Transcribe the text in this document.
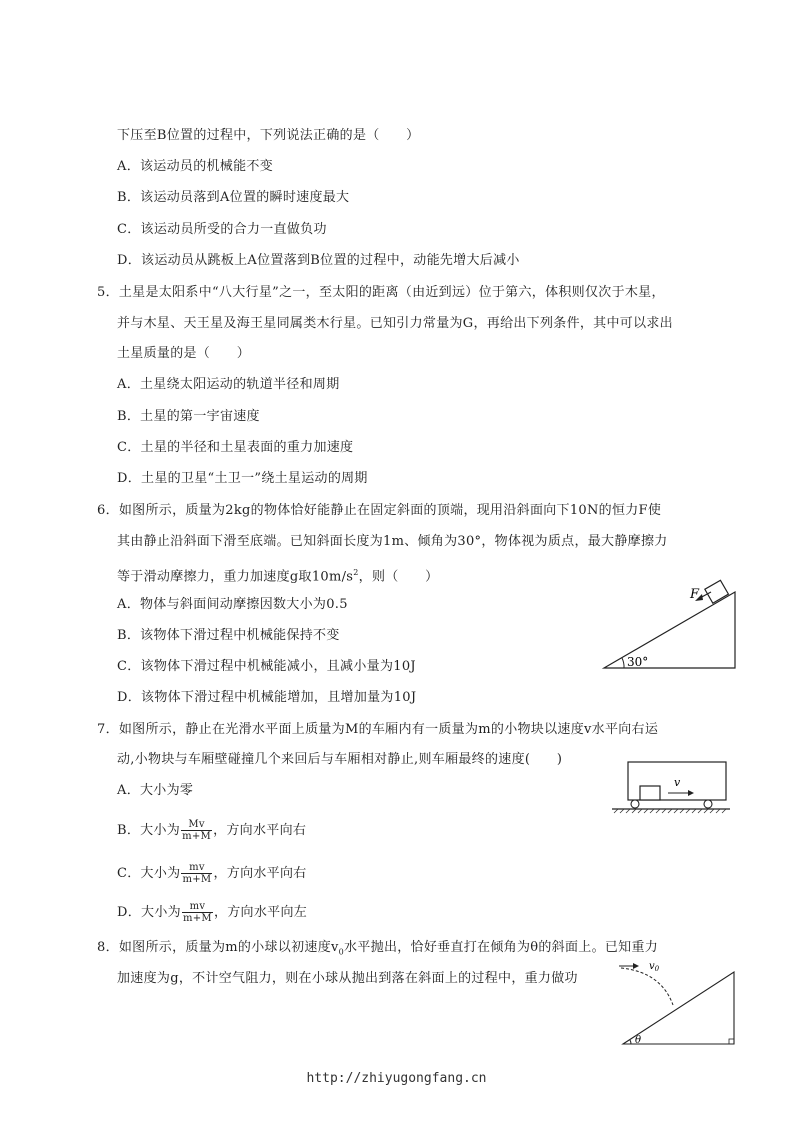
下压至B位置的过程中，下列说法正确的是（　　）
A．该运动员的机械能不变
B．该运动员落到A位置的瞬时速度最大
C．该运动员所受的合力一直做负功
D．该运动员从跳板上A位置落到B位置的过程中，动能先增大后减小
5．土星是太阳系中“八大行星”之一，至太阳的距离（由近到远）位于第六，体积则仅次于木星，
并与木星、天王星及海王星同属类木行星。已知引力常量为G，再给出下列条件，其中可以求出
土星质量的是（　　）
A．土星绕太阳运动的轨道半径和周期
B．土星的第一宇宙速度
C．土星的半径和土星表面的重力加速度
D．土星的卫星“土卫一”绕土星运动的周期
6．如图所示，质量为2kg的物体恰好能静止在固定斜面的顶端，现用沿斜面向下10N的恒力F使
其由静止沿斜面下滑至底端。已知斜面长度为1m、倾角为30°，物体视为质点，最大静摩擦力
等于滑动摩擦力，重力加速度g取$10m/s^2$，则（　　）
A．物体与斜面间动摩擦因数大小为0.5
B．该物体下滑过程中机械能保持不变
C．该物体下滑过程中机械能减小，且减小量为10J
D．该物体下滑过程中机械能增加，且增加量为10J
F
30°
7．如图所示，静止在光滑水平面上质量为M的车厢内有一质量为m的小物块以速度v水平向右运
动,小物块与车厢壁碰撞几个来回后与车厢相对静止,则车厢最终的速度(　　)
A．大小为零
B．大小为 $\frac{Mv}{m+M}$ ，方向水平向右
C．大小为 $\frac{mv}{m+M}$ ，方向水平向右
D．大小为 $\frac{mv}{m+M}$ ，方向水平向左
v
8．如图所示，质量为m的小球以初速度$v_0$水平抛出，恰好垂直打在倾角为θ的斜面上。已知重力
加速度为g，不计空气阻力，则在小球从抛出到落在斜面上的过程中，重力做功
$v_0$
θ
http://zhiyugongfang.cn
